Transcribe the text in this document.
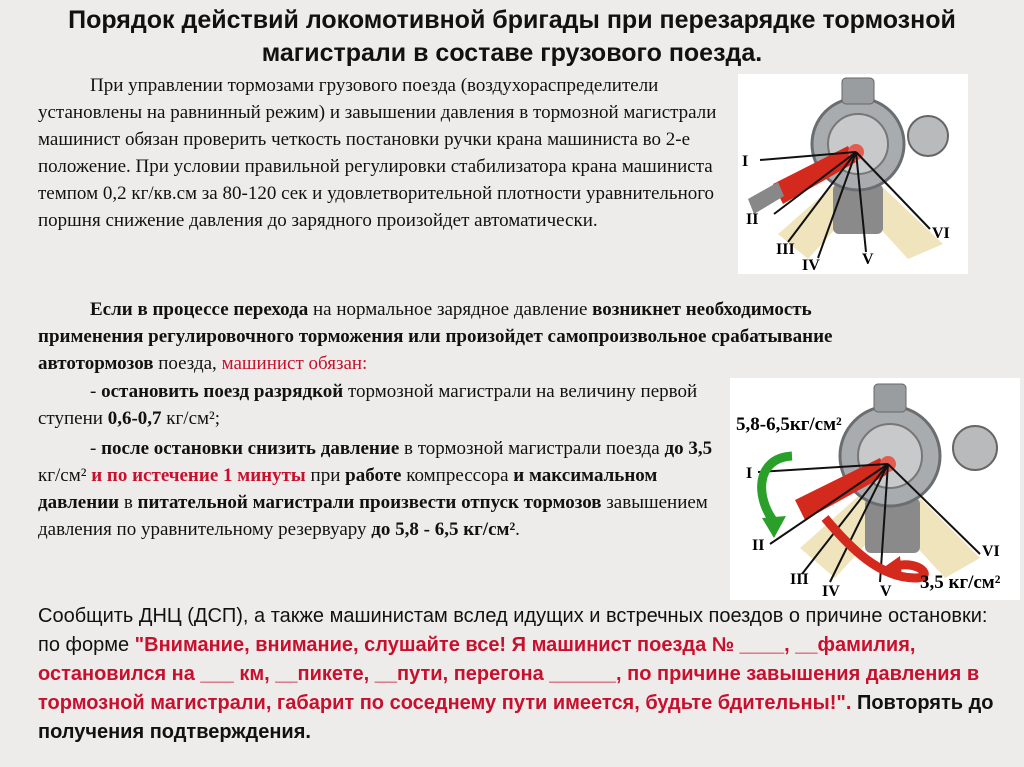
Порядок действий локомотивной бригады при перезарядке тормозной
магистрали в составе грузового поезда.
При управлении тормозами грузового поезда (воздухораспределители установлены на равнинный режим) и завышении давления в тормозной магистрали машинист обязан проверить четкость постановки ручки крана машиниста во 2-е положение. При условии правильной регулировки стабилизатора крана машиниста темпом 0,2 кг/кв.см за 80-120 сек и удовлетворительной плотности уравнительного поршня снижение давления до зарядного произойдет автоматически.
Если в процессе перехода на нормальное зарядное давление возникнет необходимость применения регулировочного торможения или произойдет самопроизвольное срабатывание автотормозов поезда, машинист обязан:
- остановить поезд разрядкой тормозной магистрали на величину первой ступени 0,6-0,7 кг/см²;
- после остановки снизить давление в тормозной магистрали поезда до 3,5 кг/см² и по истечение 1 минуты при работе компрессора и максимальном давлении в питательной магистрали произвести отпуск тормозов завышением давления по уравнительному резервуару до 5,8 - 6,5 кг/см².
Сообщить ДНЦ (ДСП), а также машинистам вслед идущих и встречных поездов о причине остановки: по форме "Внимание, внимание, слушайте все! Я машинист поезда № ____, __фамилия, остановился на ___ км, __пикете, __пути, перегона ______, по причине завышения давления в тормозной магистрали, габарит по соседнему пути имеется, будьте бдительны!". Повторять до получения подтверждения.
I
II
III
IV	V
VI
5,8-6,5кг/см²
3,5 кг/см²
I
II
III
IV	V
VI
